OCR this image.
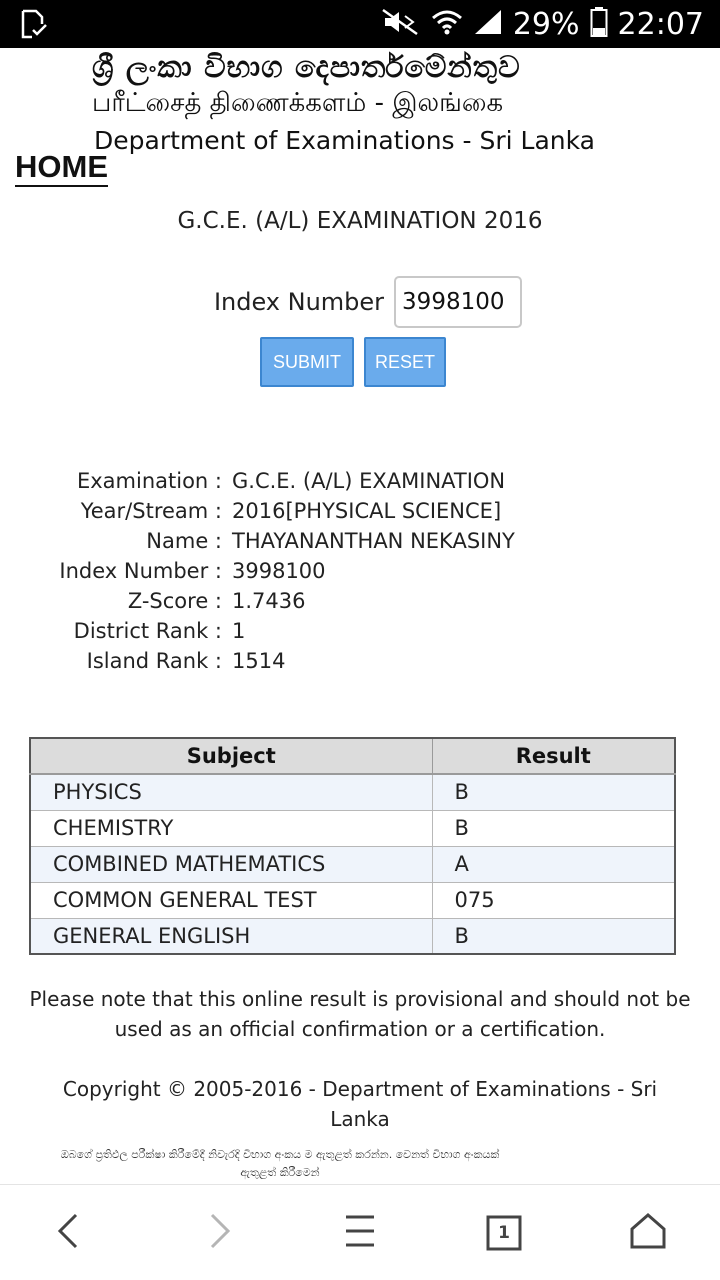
29% 22:07
ශ්‍රී ලංකා විභාග දෙපාර්තමේන්තුව
பரீட்சைத் திணைக்களம் - இலங்கை
Department of Examinations - Sri Lanka
HOME
G.C.E. (A/L) EXAMINATION 2016
Index Number
3998100
SUBMIT	RESET
Examination : G.C.E. (A/L) EXAMINATION
Year/Stream : 2016[PHYSICAL SCIENCE]
Name : THAYANANTHAN NEKASINY
Index Number : 3998100
Z-Score : 1.7436
District Rank : 1
Island Rank : 1514
Subject	Result
PHYSICS	B
CHEMISTRY	B
COMBINED MATHEMATICS	A
COMMON GENERAL TEST	075
GENERAL ENGLISH	B
Please note that this online result is provisional and should not be used as an official confirmation or a certification.
Copyright © 2005-2016 - Department of Examinations - Sri Lanka
ඔබගේ ප්‍රතිඵල පරීක්ෂා කිරීමේදී නිවැරදි විභාග අංකය ම ඇතුළත් කරන්න. වෙනත් විභාග අංකයක් ඇතුළත් කිරීමෙන්
1
